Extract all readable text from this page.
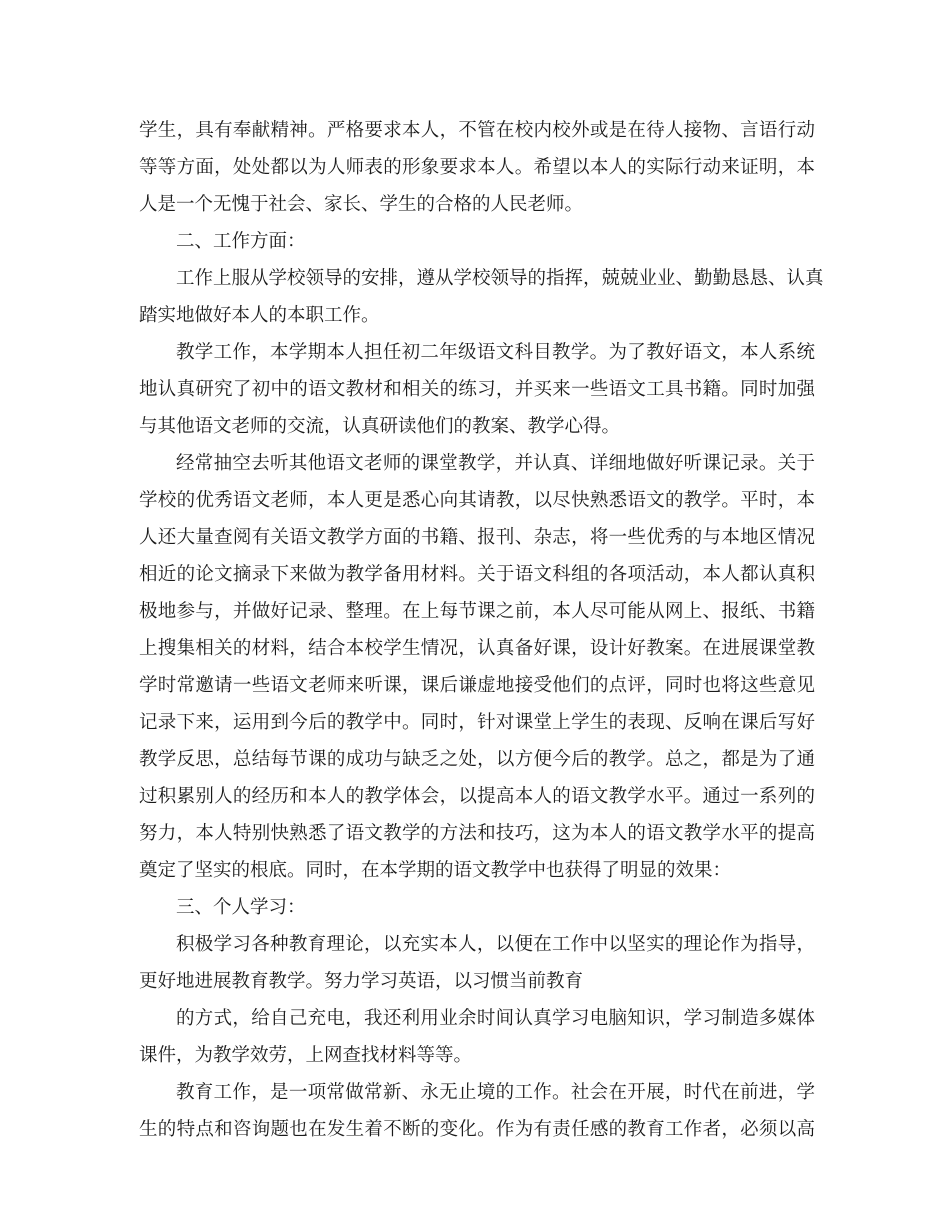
学生，具有奉献精神。严格要求本人，不管在校内校外或是在待人接物、言语行动
等等方面，处处都以为人师表的形象要求本人。希望以本人的实际行动来证明，本
人是一个无愧于社会、家长、学生的合格的人民老师。
二、工作方面：
工作上服从学校领导的安排，遵从学校领导的指挥，兢兢业业、勤勤恳恳、认真
踏实地做好本人的本职工作。
教学工作，本学期本人担任初二年级语文科目教学。为了教好语文，本人系统
地认真研究了初中的语文教材和相关的练习，并买来一些语文工具书籍。同时加强
与其他语文老师的交流，认真研读他们的教案、教学心得。
经常抽空去听其他语文老师的课堂教学，并认真、详细地做好听课记录。关于
学校的优秀语文老师，本人更是悉心向其请教，以尽快熟悉语文的教学。平时，本
人还大量查阅有关语文教学方面的书籍、报刊、杂志，将一些优秀的与本地区情况
相近的论文摘录下来做为教学备用材料。关于语文科组的各项活动，本人都认真积
极地参与，并做好记录、整理。在上每节课之前，本人尽可能从网上、报纸、书籍
上搜集相关的材料，结合本校学生情况，认真备好课，设计好教案。在进展课堂教
学时常邀请一些语文老师来听课，课后谦虚地接受他们的点评，同时也将这些意见
记录下来，运用到今后的教学中。同时，针对课堂上学生的表现、反响在课后写好
教学反思，总结每节课的成功与缺乏之处，以方便今后的教学。总之，都是为了通
过积累别人的经历和本人的教学体会，以提高本人的语文教学水平。通过一系列的
努力，本人特别快熟悉了语文教学的方法和技巧，这为本人的语文教学水平的提高
奠定了坚实的根底。同时，在本学期的语文教学中也获得了明显的效果：
三、个人学习：
积极学习各种教育理论，以充实本人，以便在工作中以坚实的理论作为指导，
更好地进展教育教学。努力学习英语，以习惯当前教育
的方式，给自己充电，我还利用业余时间认真学习电脑知识，学习制造多媒体
课件，为教学效劳，上网查找材料等等。
教育工作，是一项常做常新、永无止境的工作。社会在开展，时代在前进，学
生的特点和咨询题也在发生着不断的变化。作为有责任感的教育工作者，必须以高
